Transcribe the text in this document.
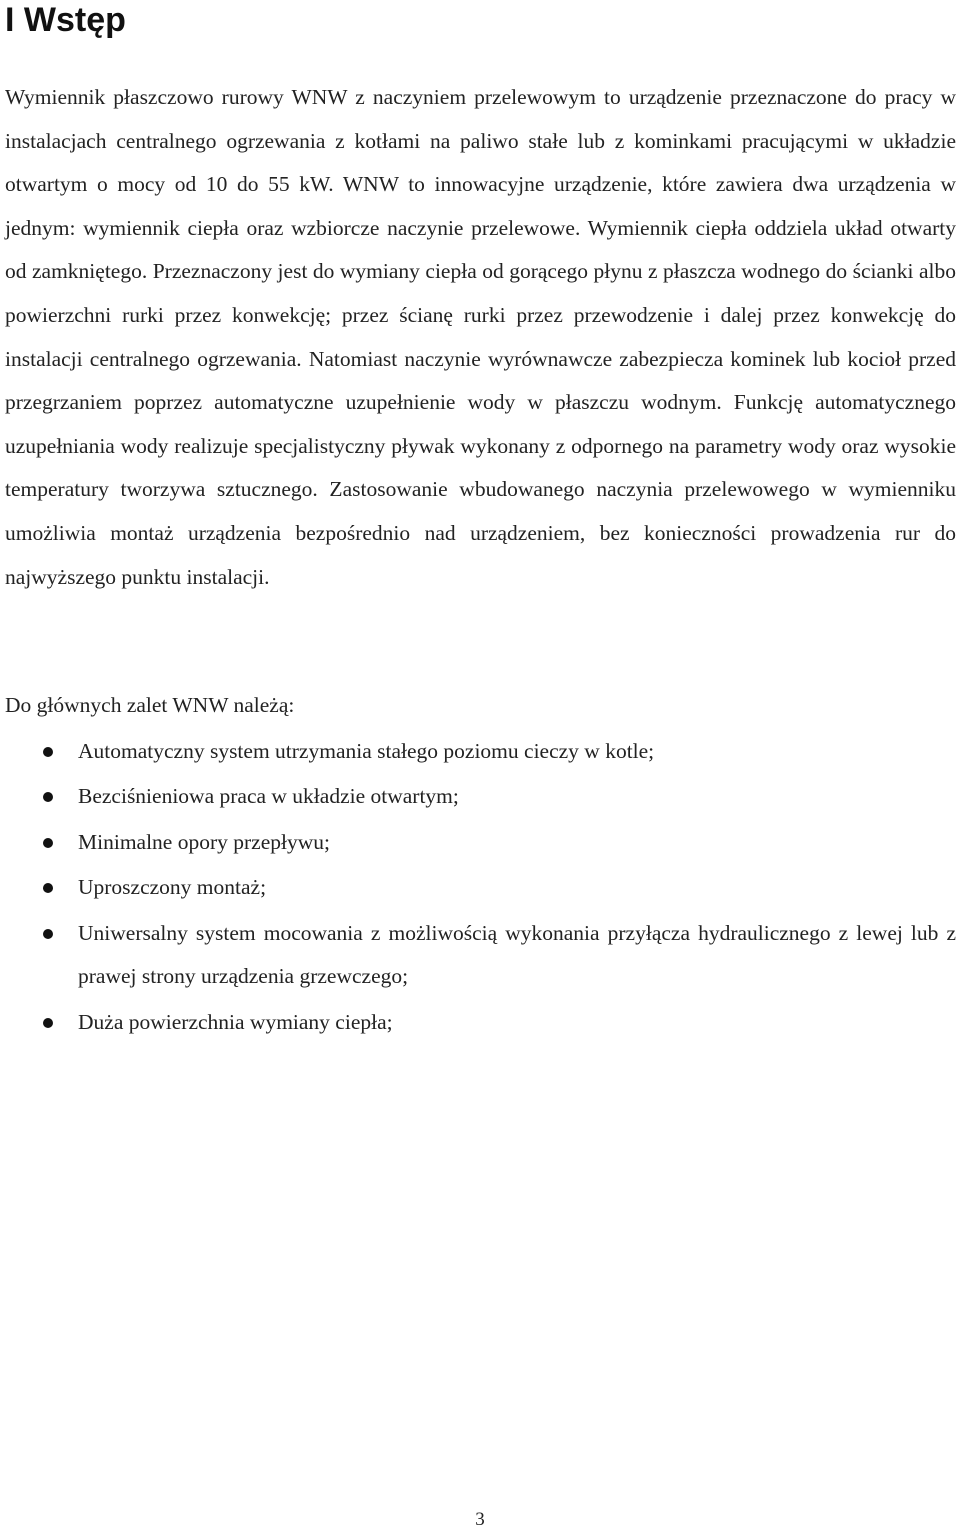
I Wstęp

Wymiennik płaszczowo rurowy WNW z naczyniem przelewowym to urządzenie przeznaczone do pracy w instalacjach centralnego ogrzewania z kotłami na paliwo stałe lub z kominkami pracującymi w układzie otwartym o mocy od 10 do 55 kW. WNW to innowacyjne urządzenie, które zawiera dwa urządzenia w jednym: wymiennik ciepła oraz wzbiorcze naczynie przelewowe. Wymiennik ciepła oddziela układ otwarty od zamkniętego. Przeznaczony jest do wymiany ciepła od gorącego płynu z płaszcza wodnego do ścianki albo powierzchni rurki przez konwekcję; przez ścianę rurki przez przewodzenie i dalej przez konwekcję do instalacji centralnego ogrzewania. Natomiast naczynie wyrównawcze zabezpiecza kominek lub kocioł przed przegrzaniem poprzez automatyczne uzupełnienie wody w płaszczu wodnym. Funkcję automatycznego uzupełniania wody realizuje specjalistyczny pływak wykonany z odpornego na parametry wody oraz wysokie temperatury tworzywa sztucznego. Zastosowanie wbudowanego naczynia przelewowego w wymienniku umożliwia montaż urządzenia bezpośrednio nad urządzeniem, bez konieczności prowadzenia rur do najwyższego punktu instalacji.

Do głównych zalet WNW należą:

Automatyczny system utrzymania stałego poziomu cieczy w kotle;
Bezciśnieniowa praca w układzie otwartym;
Minimalne opory przepływu;
Uproszczony montaż;
Uniwersalny system mocowania z możliwością wykonania przyłącza hydraulicznego z lewej lub z prawej strony urządzenia grzewczego;
Duża powierzchnia wymiany ciepła;
3
